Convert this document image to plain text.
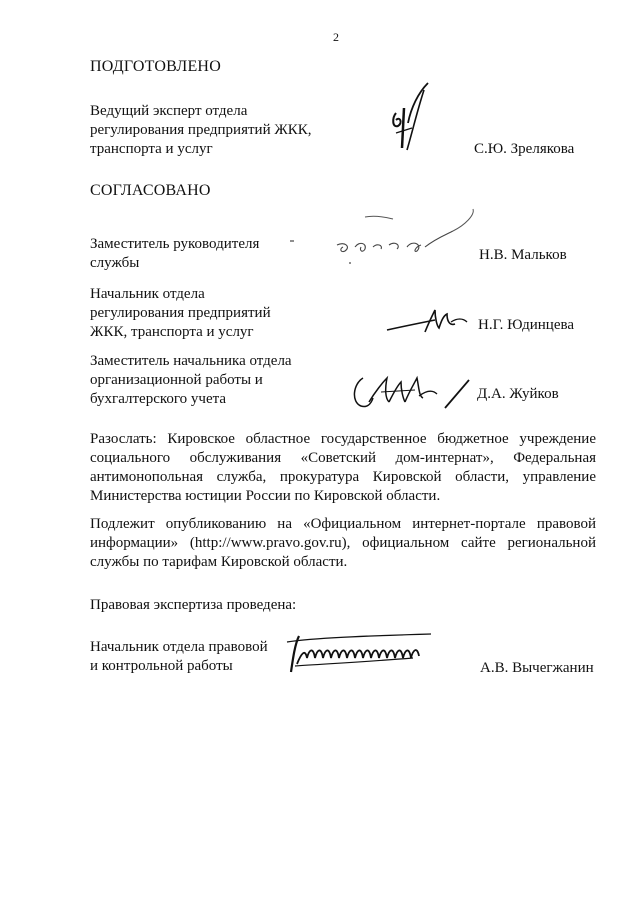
2
ПОДГОТОВЛЕНО
Ведущий эксперт отдела
регулирования предприятий ЖКК,
транспорта и услуг	С.Ю. Зрелякова
СОГЛАСОВАНО
Заместитель руководителя
службы	Н.В. Мальков
Начальник отдела
регулирования предприятий
ЖКК, транспорта и услуг	Н.Г. Юдинцева
Заместитель начальника отдела
организационной работы и
бухгалтерского учета	Д.А. Жуйков
Разослать: Кировское областное государственное бюджетное учреждение социального обслуживания «Советский дом-интернат», Федеральная антимонопольная служба, прокуратура Кировской области, управление Министерства юстиции России по Кировской области.
Подлежит опубликованию на «Официальном интернет-портале правовой информации» (http://www.pravo.gov.ru), официальном сайте региональной службы по тарифам Кировской области.
Правовая экспертиза проведена:
Начальник отдела правовой
и контрольной работы	А.В. Вычегжанин
